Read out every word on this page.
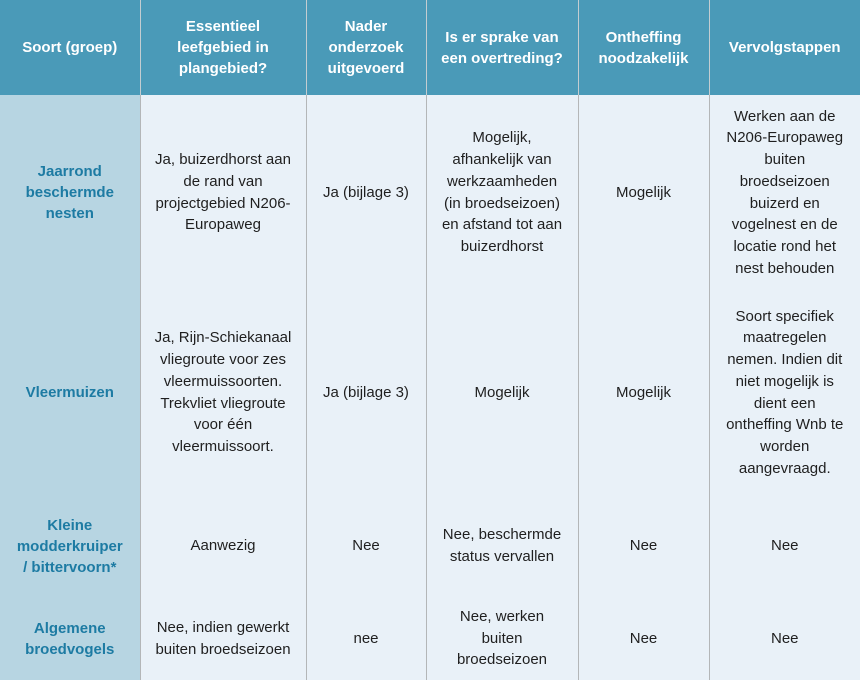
Soort (groep)	Essentieel leefgebied in plangebied?	Nader onderzoek uitgevoerd	Is er sprake van een overtreding?	Ontheffing noodzakelijk	Vervolgstappen
Jaarrond beschermde nesten	Ja, buizerdhorst aan de rand van projectgebied N206-Europaweg	Ja (bijlage 3)	Mogelijk, afhankelijk van werkzaamheden (in broedseizoen) en afstand tot aan buizerdhorst	Mogelijk	Werken aan de N206-Europaweg buiten broedseizoen buizerd en vogelnest en de locatie rond het nest behouden
Vleermuizen	Ja, Rijn-Schiekanaal vliegroute voor zes vleermuissoorten. Trekvliet vliegroute voor één vleermuissoort.	Ja (bijlage 3)	Mogelijk	Mogelijk	Soort specifiek maatregelen nemen. Indien dit niet mogelijk is dient een ontheffing Wnb te worden aangevraagd.
Kleine modderkruiper / bittervoorn*	Aanwezig	Nee	Nee, beschermde status vervallen	Nee	Nee
Algemene broedvogels	Nee, indien gewerkt buiten broedseizoen	nee	Nee, werken buiten broedseizoen	Nee	Nee
